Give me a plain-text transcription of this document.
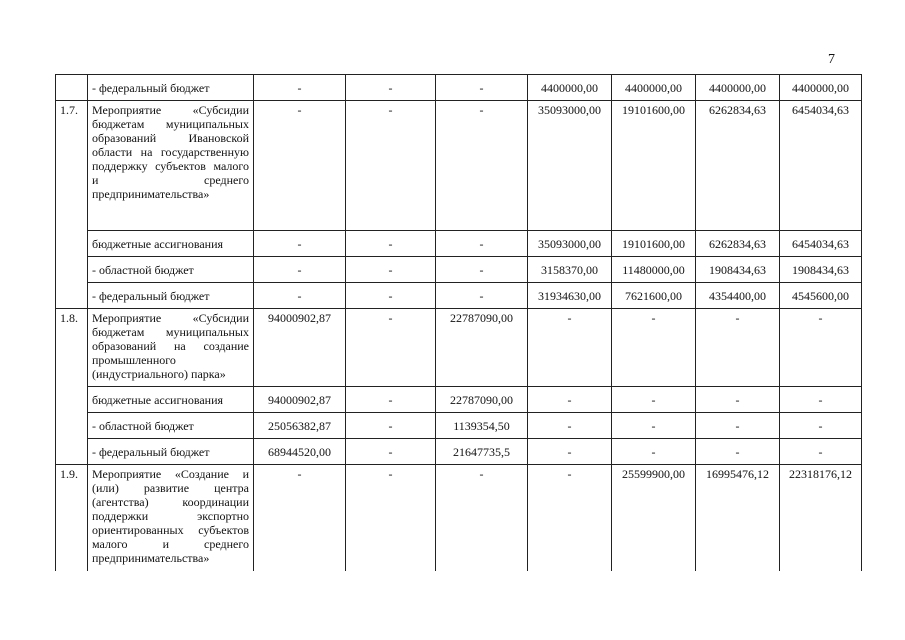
7
	- федеральный бюджет	-	-	-	4400000,00	4400000,00	4400000,00	4400000,00
1.7.	Мероприятие «Субсидии бюджетам муниципальных образований Ивановской области на государственную поддержку субъектов малого и среднего предпринимательства»	-	-	-	35093000,00	19101600,00	6262834,63	6454034,63
	бюджетные ассигнования	-	-	-	35093000,00	19101600,00	6262834,63	6454034,63
	- областной бюджет	-	-	-	3158370,00	11480000,00	1908434,63	1908434,63
	- федеральный бюджет	-	-	-	31934630,00	7621600,00	4354400,00	4545600,00
1.8.	Мероприятие «Субсидии бюджетам муниципальных образований на создание промышленного (индустриального) парка»	94000902,87	-	22787090,00	-	-	-	-
	бюджетные ассигнования	94000902,87	-	22787090,00	-	-	-	-
	- областной бюджет	25056382,87	-	1139354,50	-	-	-	-
	- федеральный бюджет	68944520,00	-	21647735,5	-	-	-	-
1.9.	Мероприятие «Создание и (или) развитие центра (агентства) координации поддержки экспортно ориентированных субъектов малого и среднего предпринимательства»	-	-	-	-	25599900,00	16995476,12	22318176,12
